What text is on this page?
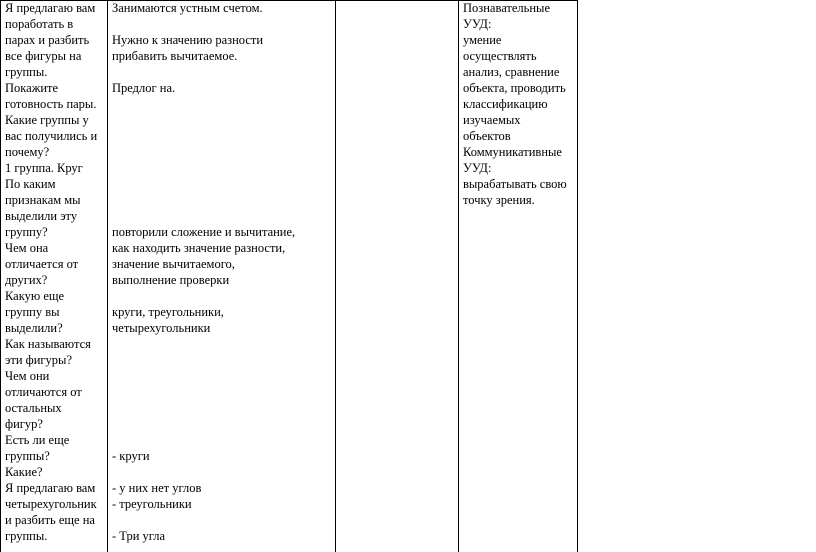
Я предлагаю вам
поработать в
парах и разбить
все фигуры на
группы.
Покажите
готовность пары.
Какие группы у
вас получились и
почему?
1 группа. Круг
По каким
признакам мы
выделили эту
группу?
Чем она
отличается от
других?
Какую еще
группу вы
выделили?
Как называются
эти фигуры?
Чем они
отличаются от
остальных
фигур?
Есть ли еще
группы?
Какие?
Я предлагаю вам
четырехугольник
и разбить еще на
группы.
Занимаются устным счетом.
Нужно к значению разности
прибавить вычитаемое.
Предлог на.
повторили сложение и вычитание,
как находить значение разности,
значение вычитаемого,
выполнение проверки
круги, треугольники,
четырехугольники
- круги
- у них нет углов
- треугольники
- Три угла
Познавательные
УУД:
умение
осуществлять
анализ, сравнение
объекта, проводить
классификацию
изучаемых
объектов
Коммуникативные
УУД:
вырабатывать свою
точку зрения.
